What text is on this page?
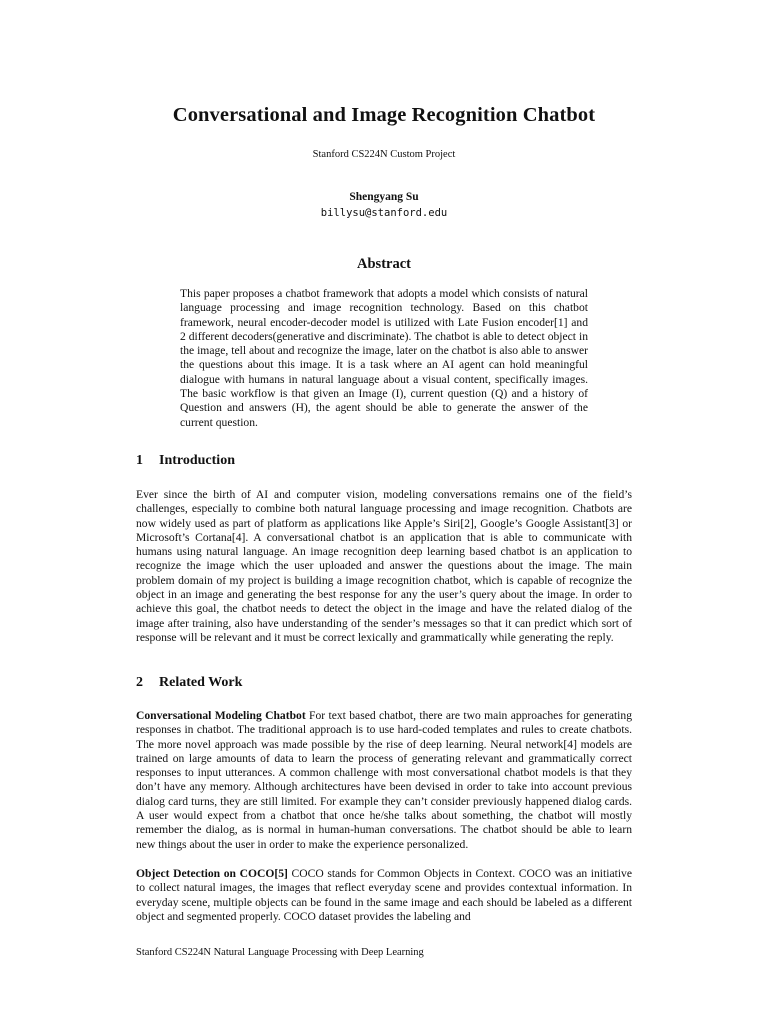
Conversational and Image Recognition Chatbot
Stanford CS224N Custom Project
Shengyang Su
billysu@stanford.edu
Abstract
This paper proposes a chatbot framework that adopts a model which consists of natural language processing and image recognition technology. Based on this chatbot framework, neural encoder-decoder model is utilized with Late Fusion encoder[1] and 2 different decoders(generative and discriminate). The chatbot is able to detect object in the image, tell about and recognize the image, later on the chatbot is also able to answer the questions about this image. It is a task where an AI agent can hold meaningful dialogue with humans in natural language about a visual content, specifically images. The basic workflow is that given an Image (I), current question (Q) and a history of Question and answers (H), the agent should be able to generate the answer of the current question.
1 Introduction
Ever since the birth of AI and computer vision, modeling conversations remains one of the field’s challenges, especially to combine both natural language processing and image recognition. Chatbots are now widely used as part of platform as applications like Apple’s Siri[2], Google’s Google Assistant[3] or Microsoft’s Cortana[4]. A conversational chatbot is an application that is able to communicate with humans using natural language. An image recognition deep learning based chatbot is an application to recognize the image which the user uploaded and answer the questions about the image. The main problem domain of my project is building a image recognition chatbot, which is capable of recognize the object in an image and generating the best response for any the user’s query about the image. In order to achieve this goal, the chatbot needs to detect the object in the image and have the related dialog of the image after training, also have understanding of the sender’s messages so that it can predict which sort of response will be relevant and it must be correct lexically and grammatically while generating the reply.
2 Related Work
Conversational Modeling Chatbot For text based chatbot, there are two main approaches for generating responses in chatbot. The traditional approach is to use hard-coded templates and rules to create chatbots. The more novel approach was made possible by the rise of deep learning. Neural network[4] models are trained on large amounts of data to learn the process of generating relevant and grammatically correct responses to input utterances. A common challenge with most conversational chatbot models is that they don’t have any memory. Although architectures have been devised in order to take into account previous dialog card turns, they are still limited. For example they can’t consider previously happened dialog cards. A user would expect from a chatbot that once he/she talks about something, the chatbot will mostly remember the dialog, as is normal in human-human conversations. The chatbot should be able to learn new things about the user in order to make the experience personalized.
Object Detection on COCO[5] COCO stands for Common Objects in Context. COCO was an initiative to collect natural images, the images that reflect everyday scene and provides contextual information. In everyday scene, multiple objects can be found in the same image and each should be labeled as a different object and segmented properly. COCO dataset provides the labeling and
Stanford CS224N Natural Language Processing with Deep Learning
